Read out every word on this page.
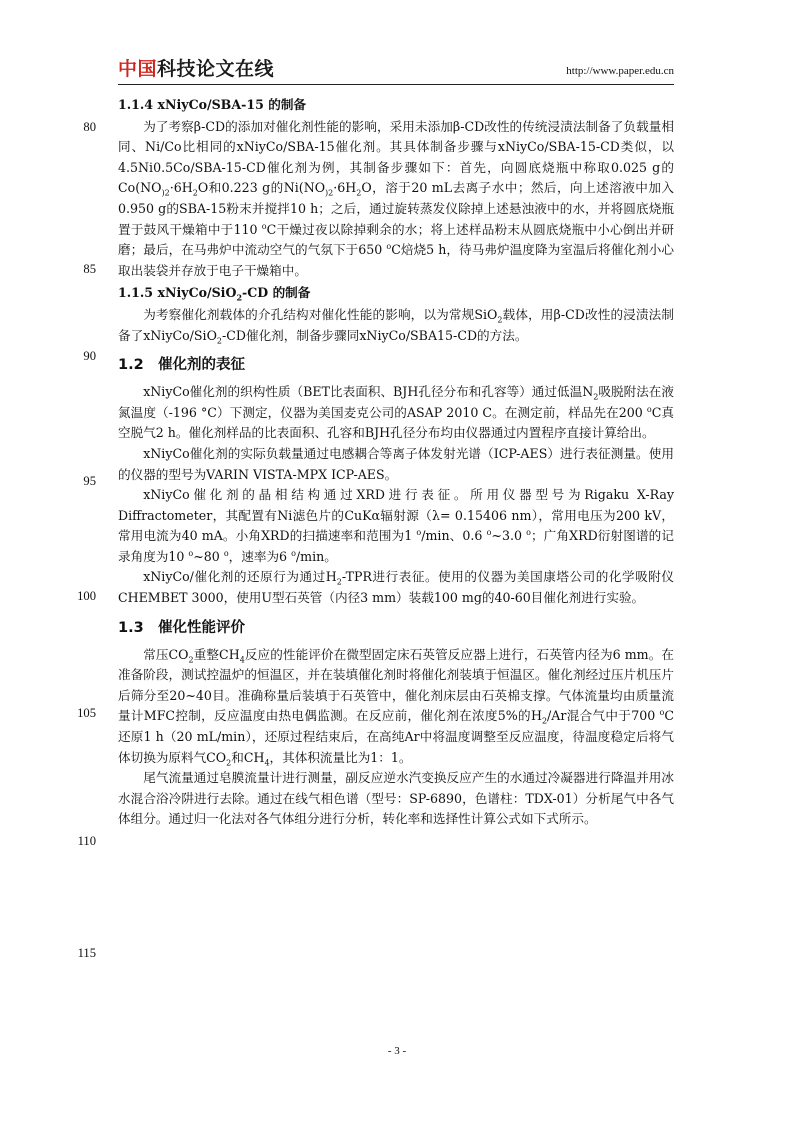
中国科技论文在线	http://www.paper.edu.cn
80
85
90
95
100
105
110
115
1.1.4 xNiyCo/SBA-15 的制备

为了考察β-CD的添加对催化剂性能的影响，采用未添加β-CD改性的传统浸渍法制备了负载量相同、Ni/Co比相同的xNiyCo/SBA-15催化剂。其具体制备步骤与xNiyCo/SBA-15-CD类似，以4.5Ni0.5Co/SBA-15-CD催化剂为例，其制备步骤如下：首先，向圆底烧瓶中称取0.025 g的$Co(NO_{)2}\cdot 6H_2O$和0.223 g的$Ni(NO_{)2}\cdot 6H_2O$，溶于20 mL去离子水中；然后，向上述溶液中加入0.950 g的SBA-15粉末并搅拌10 h；之后，通过旋转蒸发仪除掉上述悬浊液中的水，并将圆底烧瓶置于鼓风干燥箱中于110 $^o$C干燥过夜以除掉剩余的水；将上述样品粉末从圆底烧瓶中小心倒出并研磨；最后，在马弗炉中流动空气的气氛下于650 $^o$C焙烧5 h，待马弗炉温度降为室温后将催化剂小心取出装袋并存放于电子干燥箱中。

1.1.5 xNiyCo/SiO$_2$-CD 的制备

为考察催化剂载体的介孔结构对催化性能的影响，以为常规SiO$_2$载体，用β-CD改性的浸渍法制备了xNiyCo/SiO$_2$-CD催化剂，制备步骤同xNiyCo/SBA15-CD的方法。

1.2 催化剂的表征

xNiyCo催化剂的织构性质（BET比表面积、BJH孔径分布和孔容等）通过低温$N_2$吸脱附法在液氮温度（-196 °C）下测定，仪器为美国麦克公司的ASAP 2010 C。在测定前，样品先在200 $^o$C真空脱气2 h。催化剂样品的比表面积、孔容和BJH孔径分布均由仪器通过内置程序直接计算给出。

xNiyCo催化剂的实际负载量通过电感耦合等离子体发射光谱（ICP-AES）进行表征测量。使用的仪器的型号为VARIN VISTA-MPX ICP-AES。

xNiyCo催化剂的晶相结构通过XRD进行表征。所用仪器型号为Rigaku X-Ray Diffractometer，其配置有Ni滤色片的CuKα辐射源（λ= 0.15406 nm），常用电压为200 kV，常用电流为40 mA。小角XRD的扫描速率和范围为1 $^o$/min、0.6 $^o$~3.0 $^o$；广角XRD衍射图谱的记录角度为10 $^o$~80 $^o$，速率为6 $^o$/min。

xNiyCo/催化剂的还原行为通过$H_2$-TPR进行表征。使用的仪器为美国康塔公司的化学吸附仪CHEMBET 3000，使用U型石英管（内径3 mm）装载100 mg的40-60目催化剂进行实验。

1.3 催化性能评价

常压$CO_2$重整$CH_4$反应的性能评价在微型固定床石英管反应器上进行，石英管内径为6 mm。在准备阶段，测试控温炉的恒温区，并在装填催化剂时将催化剂装填于恒温区。催化剂经过压片机压片后筛分至20~40目。准确称量后装填于石英管中，催化剂床层由石英棉支撑。气体流量均由质量流量计MFC控制，反应温度由热电偶监测。在反应前，催化剂在浓度5%的$H_2/Ar$混合气中于700 $^o$C还原1 h（20 mL/min），还原过程结束后，在高纯Ar中将温度调整至反应温度，待温度稳定后将气体切换为原料气$CO_2$和$CH_4$，其体积流量比为1：1。

尾气流量通过皂膜流量计进行测量，副反应逆水汽变换反应产生的水通过冷凝器进行降温并用冰水混合浴冷阱进行去除。通过在线气相色谱（型号：SP-6890，色谱柱：TDX-01）分析尾气中各气体组分。通过归一化法对各气体组分进行分析，转化率和选择性计算公式如下式所示。

- 3 -
